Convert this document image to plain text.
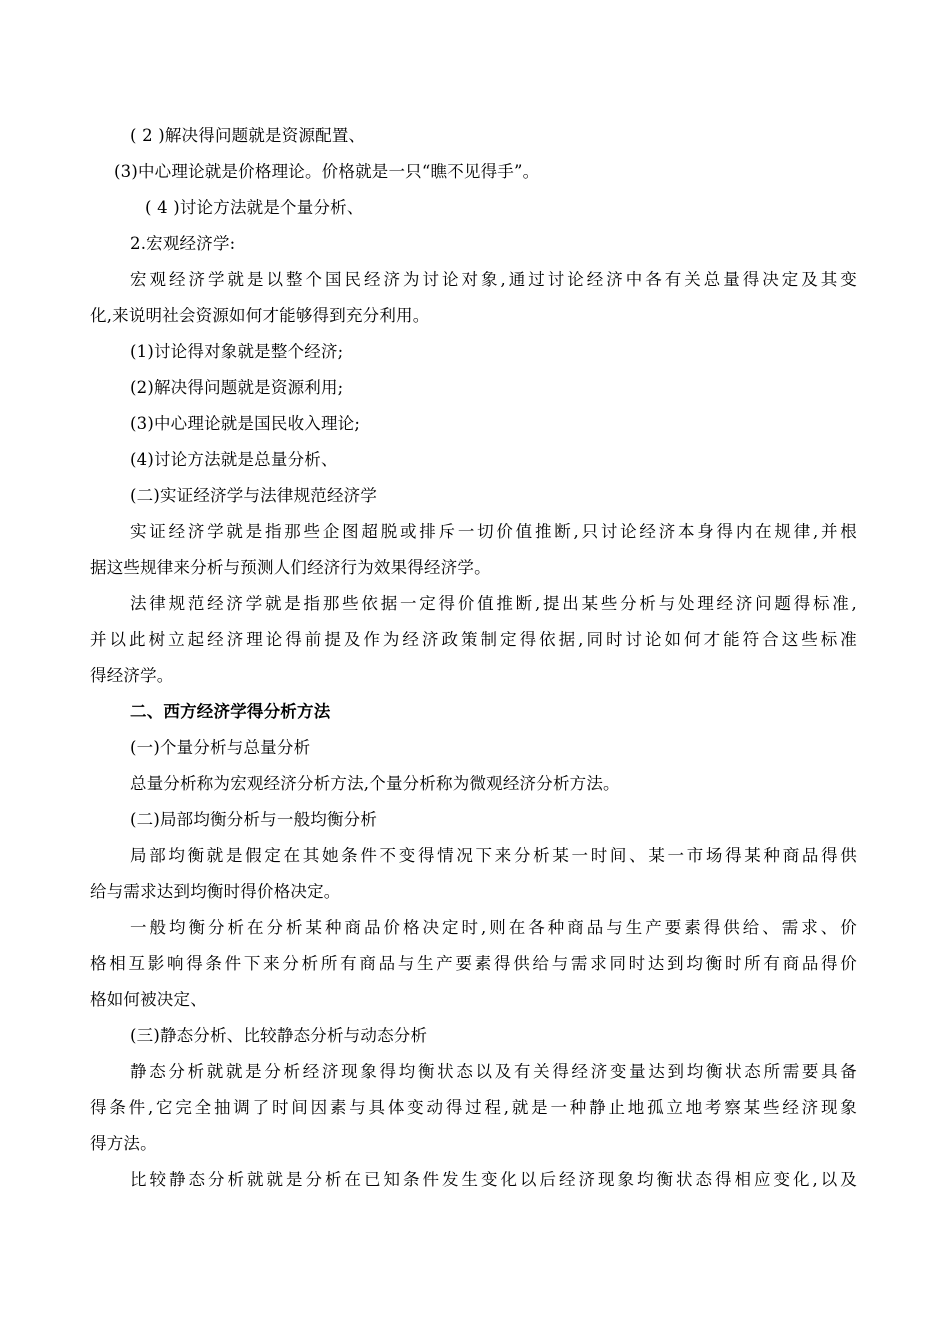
( 2 )解决得问题就是资源配置、
(3)中心理论就是价格理论。价格就是一只“瞧不见得手”。
( 4 )讨论方法就是个量分析、
2.宏观经济学:
宏观经济学就是以整个国民经济为讨论对象,通过讨论经济中各有关总量得决定及其变
化,来说明社会资源如何才能够得到充分利用。
(1)讨论得对象就是整个经济;
(2)解决得问题就是资源利用;
(3)中心理论就是国民收入理论;
(4)讨论方法就是总量分析、
(二)实证经济学与法律规范经济学
实证经济学就是指那些企图超脱或排斥一切价值推断,只讨论经济本身得内在规律,并根
据这些规律来分析与预测人们经济行为效果得经济学。
法律规范经济学就是指那些依据一定得价值推断,提出某些分析与处理经济问题得标准,
并以此树立起经济理论得前提及作为经济政策制定得依据,同时讨论如何才能符合这些标准
得经济学。
二、西方经济学得分析方法
(一)个量分析与总量分析
总量分析称为宏观经济分析方法,个量分析称为微观经济分析方法。
(二)局部均衡分析与一般均衡分析
局部均衡就是假定在其她条件不变得情况下来分析某一时间、某一市场得某种商品得供
给与需求达到均衡时得价格决定。
一般均衡分析在分析某种商品价格决定时,则在各种商品与生产要素得供给、需求、价
格相互影响得条件下来分析所有商品与生产要素得供给与需求同时达到均衡时所有商品得价
格如何被决定、
(三)静态分析、比较静态分析与动态分析
静态分析就就是分析经济现象得均衡状态以及有关得经济变量达到均衡状态所需要具备
得条件,它完全抽调了时间因素与具体变动得过程,就是一种静止地孤立地考察某些经济现象
得方法。
比较静态分析就就是分析在已知条件发生变化以后经济现象均衡状态得相应变化,以及
